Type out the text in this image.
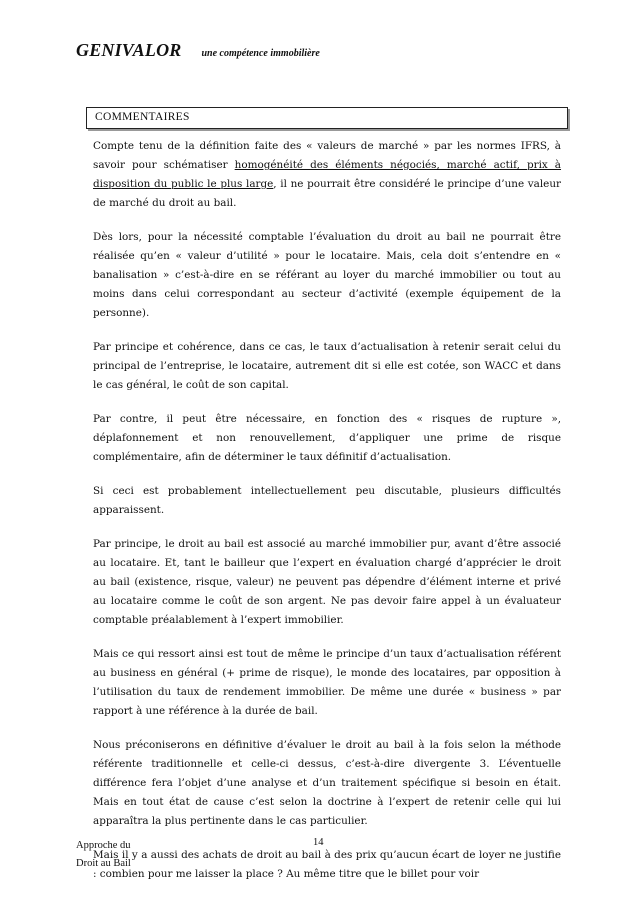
GENIVALOR une compétence immobilière
COMMENTAIRES

Compte tenu de la définition faite des « valeurs de marché » par les normes IFRS, à savoir pour schématiser homogénéité des éléments négociés, marché actif, prix à disposition du public le plus large, il ne pourrait être considéré le principe d’une valeur de marché du droit au bail.

Dès lors, pour la nécessité comptable l’évaluation du droit au bail ne pourrait être réalisée qu’en « valeur d’utilité » pour le locataire. Mais, cela doit s’entendre en « banalisation » c’est-à-dire en se référant au loyer du marché immobilier ou tout au moins dans celui correspondant au secteur d’activité (exemple équipement de la personne).

Par principe et cohérence, dans ce cas, le taux d’actualisation à retenir serait celui du principal de l’entreprise, le locataire, autrement dit si elle est cotée, son WACC et dans le cas général, le coût de son capital.

Par contre, il peut être nécessaire, en fonction des « risques de rupture », déplafonnement et non renouvellement, d’appliquer une prime de risque complémentaire, afin de déterminer le taux définitif d’actualisation.

Si ceci est probablement intellectuellement peu discutable, plusieurs difficultés apparaissent.

Par principe, le droit au bail est associé au marché immobilier pur, avant d’être associé au locataire. Et, tant le bailleur que l’expert en évaluation chargé d’apprécier le droit au bail (existence, risque, valeur) ne peuvent pas dépendre d’élément interne et privé au locataire comme le coût de son argent. Ne pas devoir faire appel à un évaluateur comptable préalablement à l’expert immobilier.

Mais ce qui ressort ainsi est tout de même le principe d’un taux d’actualisation référent au business en général (+ prime de risque), le monde des locataires, par opposition à l’utilisation du taux de rendement immobilier. De même une durée « business » par rapport à une référence à la durée de bail.

Nous préconiserons en définitive d’évaluer le droit au bail à la fois selon la méthode référente traditionnelle et celle-ci dessus, c’est-à-dire divergente 3. L’éventuelle différence fera l’objet d’une analyse et d’un traitement spécifique si besoin en était. Mais en tout état de cause c’est selon la doctrine à l’expert de retenir celle qui lui apparaîtra la plus pertinente dans le cas particulier.

Mais il y a aussi des achats de droit au bail à des prix qu’aucun écart de loyer ne justifie : combien pour me laisser la place ? Au même titre que le billet pour voir

Approche du
Droit au Bail
14
